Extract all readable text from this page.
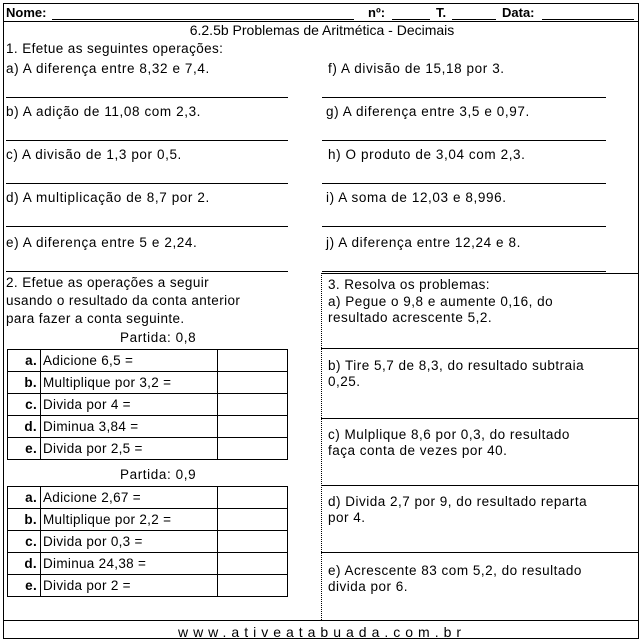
Nome:	nº:	T.	Data:
6.2.5b Problemas de Aritmética - Decimais
1. Efetue as seguintes operações:
a) A diferença entre 8,32 e 7,4.	f) A divisão de 15,18 por 3.
b) A adição de 11,08 com 2,3.	g) A diferença entre 3,5 e 0,97.
c) A divisão de 1,3 por 0,5.	h) O produto de 3,04 com 2,3.
d) A multiplicação de 8,7 por 2.	i) A soma de 12,03 e 8,996.
e) A diferença entre 5 e 2,24.	j) A diferença entre 12,24 e 8.
2. Efetue as operações a seguir
usando o resultado da conta anterior
para fazer a conta seguinte.
Partida: 0,8
a.	Adicione 6,5 =	
b.	Multiplique por 3,2 =	
c.	Divida por 4 =	
d.	Diminua 3,84 =	
e.	Divida por 2,5 =	
Partida: 0,9
a.	Adicione 2,67 =	
b.	Multiplique por 2,2 =	
c.	Divida por 0,3 =	
d.	Diminua 24,38 =	
e.	Divida por 2 =	
3. Resolva os problemas:
a) Pegue o 9,8 e aumente 0,16, do
resultado acrescente 5,2.
b) Tire 5,7 de 8,3, do resultado subtraia
0,25.
c) Mulplique 8,6 por 0,3, do resultado
faça conta de vezes por 40.
d) Divida 2,7 por 9, do resultado reparta
por 4.
e) Acrescente 83 com 5,2, do resultado
divida por 6.
www.ativeatabuada.com.br
